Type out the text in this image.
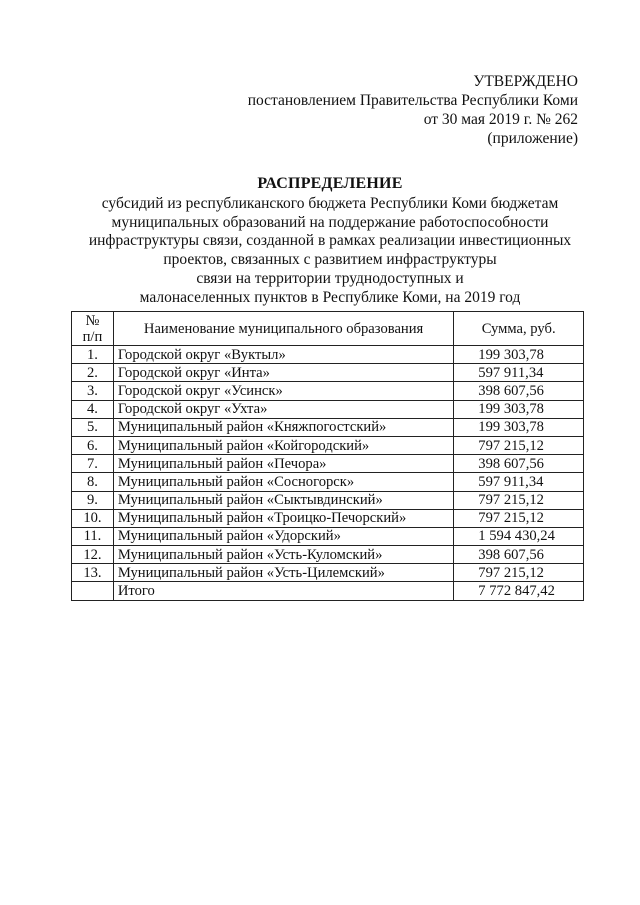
УТВЕРЖДЕНО
постановлением Правительства Республики Коми
от 30 мая 2019 г. № 262
(приложение)
РАСПРЕДЕЛЕНИЕ
субсидий из республиканского бюджета Республики Коми бюджетам
муниципальных образований на поддержание работоспособности
инфраструктуры связи, созданной в рамках реализации инвестиционных
проектов, связанных с развитием инфраструктуры
связи на территории труднодоступных и
малонаселенных пунктов в Республике Коми, на 2019 год
№
п/п	Наименование муниципального образования	Сумма, руб.
1.	Городской округ «Вуктыл»	199 303,78
2.	Городской округ «Инта»	597 911,34
3.	Городской округ «Усинск»	398 607,56
4.	Городской округ «Ухта»	199 303,78
5.	Муниципальный район «Княжпогостский»	199 303,78
6.	Муниципальный район «Койгородский»	797 215,12
7.	Муниципальный район «Печора»	398 607,56
8.	Муниципальный район «Сосногорск»	597 911,34
9.	Муниципальный район «Сыктывдинский»	797 215,12
10.	Муниципальный район «Троицко-Печорский»	797 215,12
11.	Муниципальный район «Удорский»	1 594 430,24
12.	Муниципальный район «Усть-Куломский»	398 607,56
13.	Муниципальный район «Усть-Цилемский»	797 215,12
	Итого	7 772 847,42
